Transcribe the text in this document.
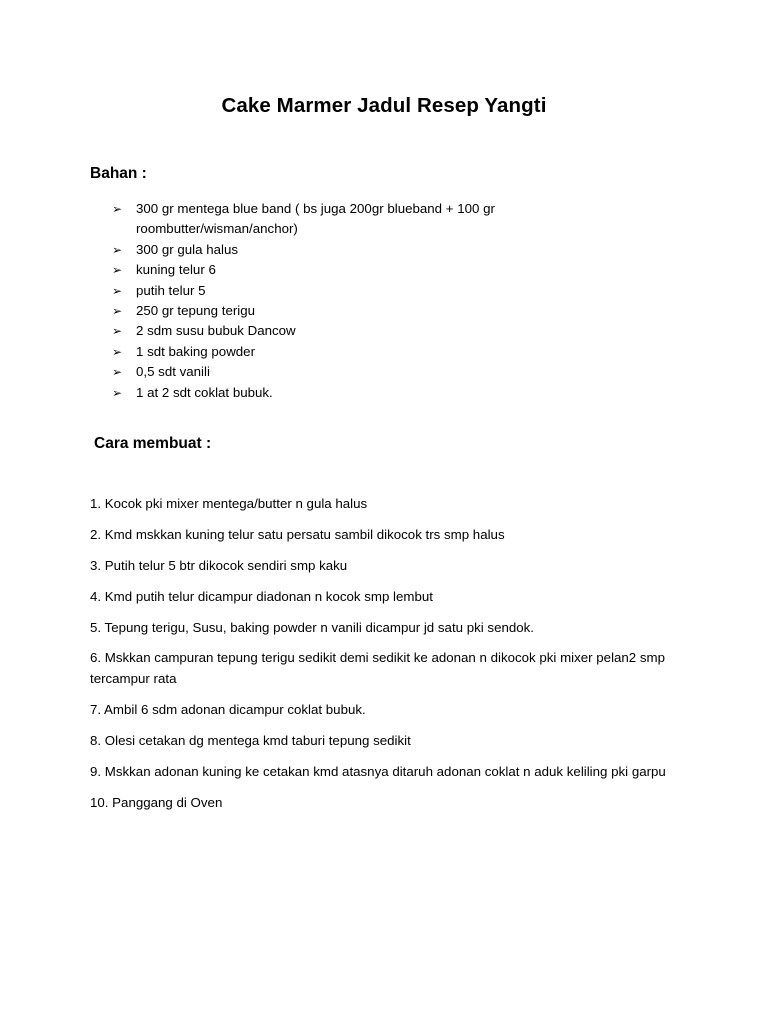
Cake Marmer Jadul Resep Yangti
Bahan :
➢ 300 gr mentega blue band ( bs juga 200gr blueband + 100 gr roombutter/wisman/anchor)
➢ 300 gr gula halus
➢ kuning telur 6
➢ putih telur 5
➢ 250 gr tepung terigu
➢ 2 sdm susu bubuk Dancow
➢ 1 sdt baking powder
➢ 0,5 sdt vanili
➢ 1 at 2 sdt coklat bubuk.
Cara membuat :
1. Kocok pki mixer mentega/butter n gula halus
2. Kmd mskkan kuning telur satu persatu sambil dikocok trs smp halus
3. Putih telur 5 btr dikocok sendiri smp kaku
4. Kmd putih telur dicampur diadonan n kocok smp lembut
5. Tepung terigu, Susu, baking powder n vanili dicampur jd satu pki sendok.
6. Mskkan campuran tepung terigu sedikit demi sedikit ke adonan n dikocok pki mixer pelan2 smp tercampur rata
7. Ambil 6 sdm adonan dicampur coklat bubuk.
8. Olesi cetakan dg mentega kmd taburi tepung sedikit
9. Mskkan adonan kuning ke cetakan kmd atasnya ditaruh adonan coklat n aduk keliling pki garpu
10. Panggang di Oven
